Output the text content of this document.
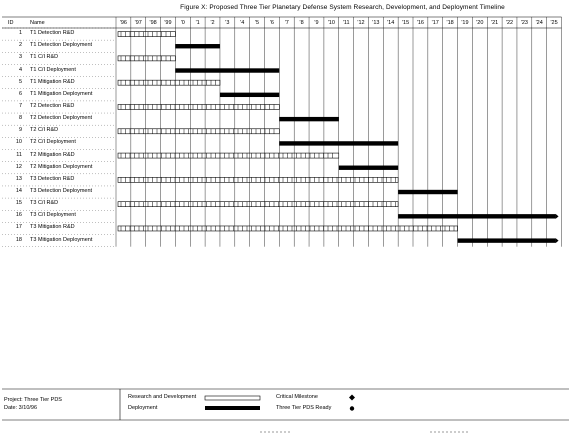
Figure X: Proposed Three Tier Planetary Defense System Research, Development, and Deployment Timeline
ID	Name	'96	'97	'98	'99	'0	'1	'2	'3	'4	'5	'6	'7	'8	'9	'10	'11	'12	'13	'14	'15	'16	'17	'18	'19	'20	'21	'22	'23	'24	'25
1 T1 Detection R&D
2 T1 Detection Deployment
3 T1 C/I R&D
4 T1 C/I Deployment
5 T1 Mitigation R&D
6 T1 Mitigation Deployment
7 T2 Detection R&D
8 T2 Detection Deployment
9 T2 C/I R&D
10 T2 C/I Deployment
11 T2 Mitigation R&D
12 T2 Mitigation Deployment
13 T3 Detection R&D
14 T3 Detection Deployment
15 T3 C/I R&D
16 T3 C/I Deployment
17 T3 Mitigation R&D
18 T3 Mitigation Deployment
Project: Three Tier PDS
Date: 3/10/96
Research and Development
Deployment
Critical Milestone
Three Tier PDS Ready
